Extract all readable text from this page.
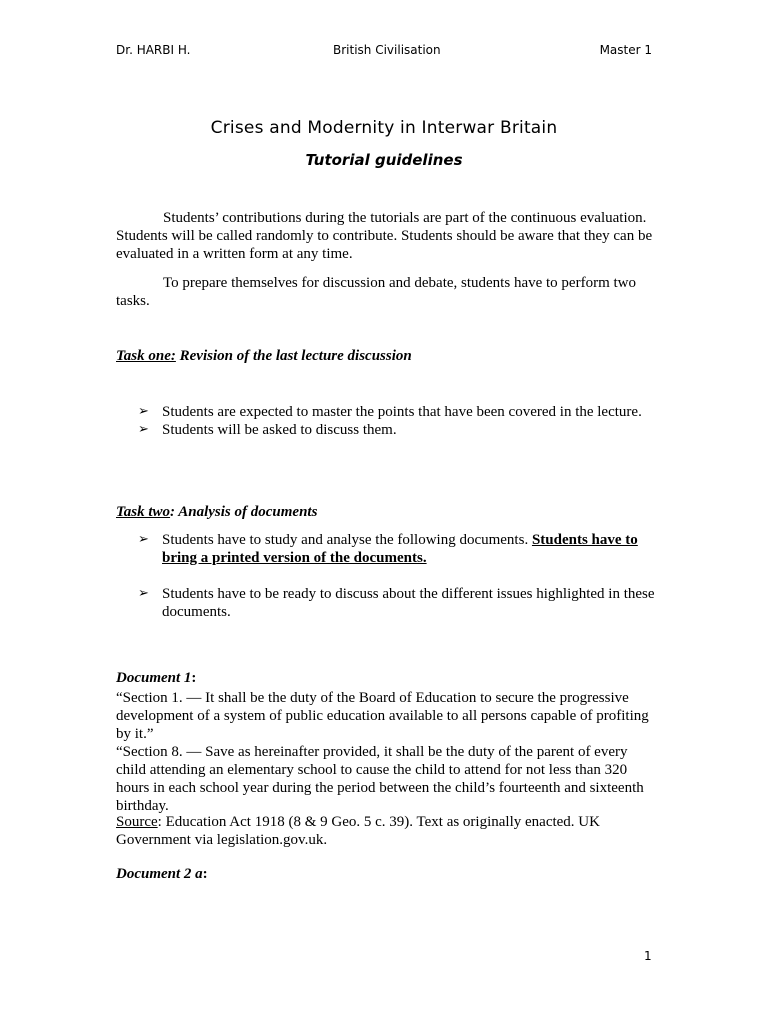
Dr. HARBI H.	British Civilisation	Master 1
Crises and Modernity in Interwar Britain
Tutorial guidelines

Students’ contributions during the tutorials are part of the continuous evaluation. Students will be called randomly to contribute. Students should be aware that they can be evaluated in a written form at any time.

To prepare themselves for discussion and debate, students have to perform two tasks.

Task one: Revision of the last lecture discussion
➢ Students are expected to master the points that have been covered in the lecture.
➢ Students will be asked to discuss them.
Task two: Analysis of documents
➢ Students have to study and analyse the following documents. Students have to bring a printed version of the documents.
➢ Students have to be ready to discuss about the different issues highlighted in these documents.
Document 1:

“Section 1. — It shall be the duty of the Board of Education to secure the progressive development of a system of public education available to all persons capable of profiting by it.”

“Section 8. — Save as hereinafter provided, it shall be the duty of the parent of every child attending an elementary school to cause the child to attend for not less than 320 hours in each school year during the period between the child’s fourteenth and sixteenth birthday.

Source: Education Act 1918 (8 & 9 Geo. 5 c. 39). Text as originally enacted. UK Government via legislation.gov.uk.

Document 2 a:
1
